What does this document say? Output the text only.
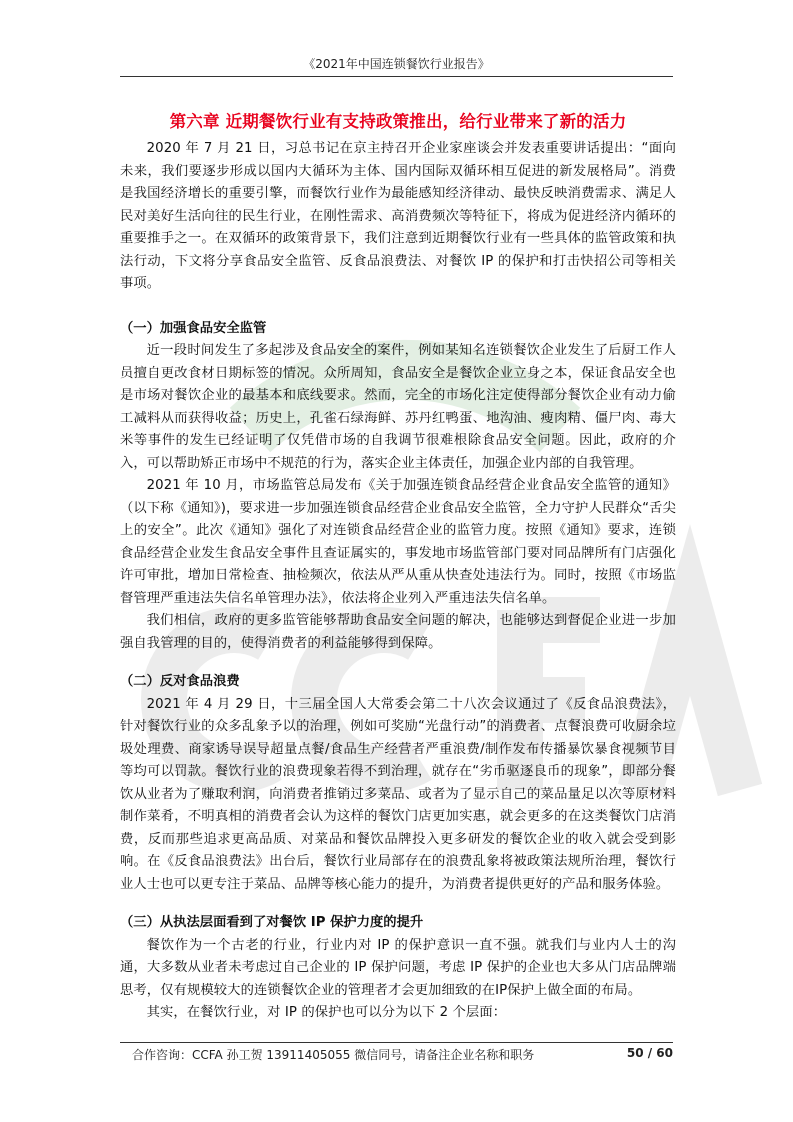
《2021年中国连锁餐饮行业报告》
第六章 近期餐饮行业有支持政策推出，给行业带来了新的活力

2020 年 7 月 21 日，习总书记在京主持召开企业家座谈会并发表重要讲话提出：“面向未来，我们要逐步形成以国内大循环为主体、国内国际双循环相互促进的新发展格局”。消费是我国经济增长的重要引擎，而餐饮行业作为最能感知经济律动、最快反映消费需求、满足人民对美好生活向往的民生行业，在刚性需求、高消费频次等特征下，将成为促进经济内循环的重要推手之一。在双循环的政策背景下，我们注意到近期餐饮行业有一些具体的监管政策和执法行动，下文将分享食品安全监管、反食品浪费法、对餐饮 IP 的保护和打击快招公司等相关事项。

（一）加强食品安全监管

近一段时间发生了多起涉及食品安全的案件，例如某知名连锁餐饮企业发生了后厨工作人员擅自更改食材日期标签的情况。众所周知，食品安全是餐饮企业立身之本，保证食品安全也是市场对餐饮企业的最基本和底线要求。然而，完全的市场化注定使得部分餐饮企业有动力偷工减料从而获得收益；历史上，孔雀石绿海鲜、苏丹红鸭蛋、地沟油、瘦肉精、僵尸肉、毒大米等事件的发生已经证明了仅凭借市场的自我调节很难根除食品安全问题。因此，政府的介入，可以帮助矫正市场中不规范的行为，落实企业主体责任，加强企业内部的自我管理。

2021 年 10 月，市场监管总局发布《关于加强连锁食品经营企业食品安全监管的通知》（以下称《通知》)，要求进一步加强连锁食品经营企业食品安全监管，全力守护人民群众“舌尖上的安全”。此次《通知》强化了对连锁食品经营企业的监管力度。按照《通知》要求，连锁食品经营企业发生食品安全事件且查证属实的，事发地市场监管部门要对同品牌所有门店强化许可审批，增加日常检查、抽检频次，依法从严从重从快查处违法行为。同时，按照《市场监督管理严重违法失信名单管理办法》，依法将企业列入严重违法失信名单。

我们相信，政府的更多监管能够帮助食品安全问题的解决，也能够达到督促企业进一步加强自我管理的目的，使得消费者的利益能够得到保障。

（二）反对食品浪费

2021 年 4 月 29 日，十三届全国人大常委会第二十八次会议通过了《反食品浪费法》，针对餐饮行业的众多乱象予以的治理，例如可奖励“光盘行动”的消费者、点餐浪费可收厨余垃圾处理费、商家诱导误导超量点餐/食品生产经营者严重浪费/制作发布传播暴饮暴食视频节目等均可以罚款。餐饮行业的浪费现象若得不到治理，就存在“劣币驱逐良币的现象”，即部分餐饮从业者为了赚取利润，向消费者推销过多菜品、或者为了显示自己的菜品量足以次等原材料制作菜肴，不明真相的消费者会认为这样的餐饮门店更加实惠，就会更多的在这类餐饮门店消费，反而那些追求更高品质、对菜品和餐饮品牌投入更多研发的餐饮企业的收入就会受到影响。在《反食品浪费法》出台后，餐饮行业局部存在的浪费乱象将被政策法规所治理，餐饮行业人士也可以更专注于菜品、品牌等核心能力的提升，为消费者提供更好的产品和服务体验。

（三）从执法层面看到了对餐饮 IP 保护力度的提升

餐饮作为一个古老的行业，行业内对 IP 的保护意识一直不强。就我们与业内人士的沟通，大多数从业者未考虑过自己企业的 IP 保护问题，考虑 IP 保护的企业也大多从门店品牌端思考，仅有规模较大的连锁餐饮企业的管理者才会更加细致的在IP保护上做全面的布局。

其实，在餐饮行业，对 IP 的保护也可以分为以下 2 个层面：

合作咨询：CCFA 孙工贺 13911405055 微信同号，请备注企业名称和职务	50 / 60
